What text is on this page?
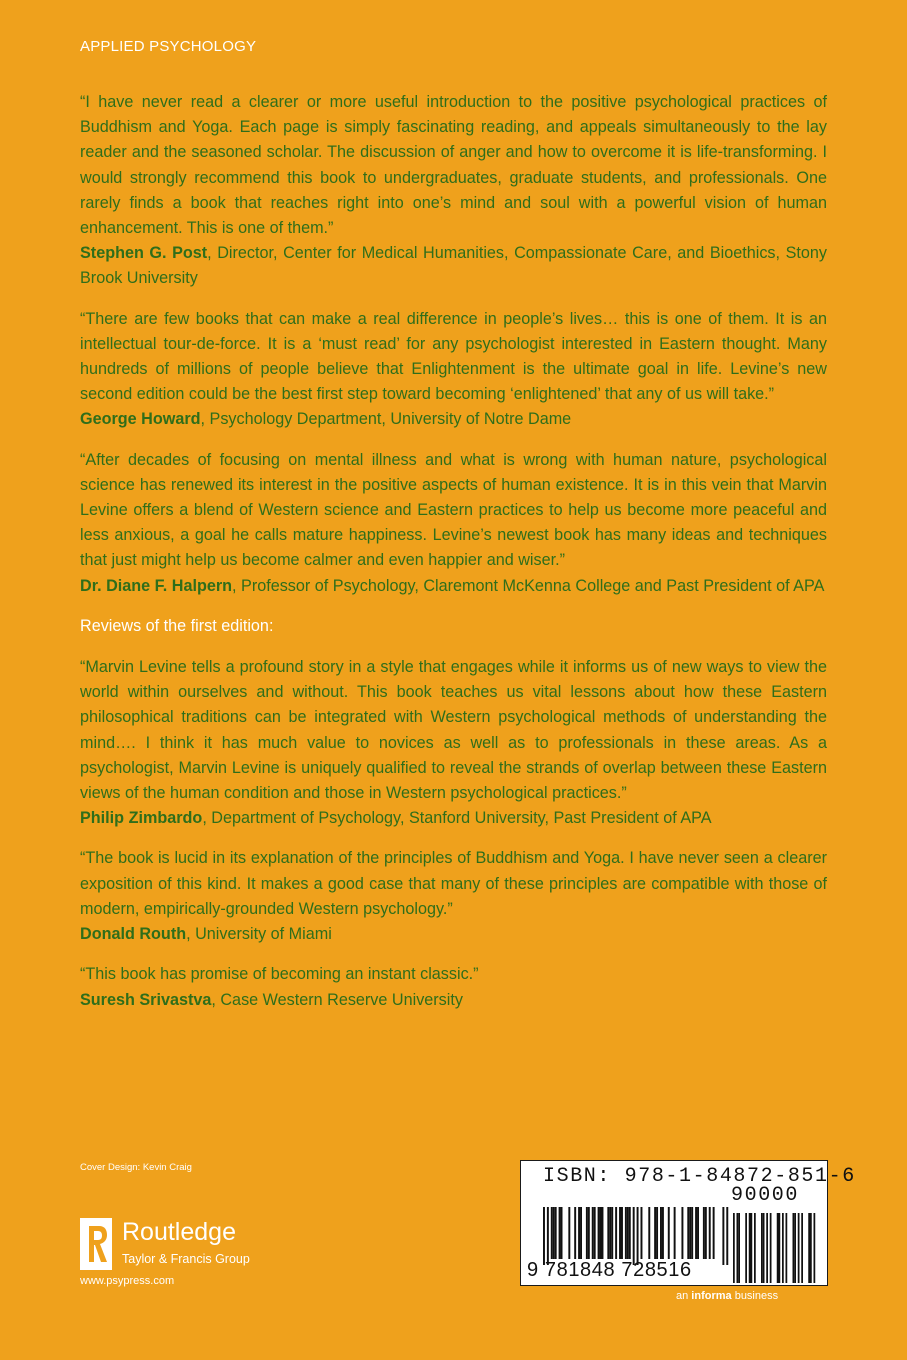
APPLIED PSYCHOLOGY

“I have never read a clearer or more useful introduction to the positive psychological practices of Buddhism and Yoga. Each page is simply fascinating reading, and appeals simultaneously to the lay reader and the seasoned scholar. The discussion of anger and how to overcome it is life-transforming. I would strongly recommend this book to undergraduates, graduate students, and professionals. One rarely finds a book that reaches right into one’s mind and soul with a powerful vision of human enhancement. This is one of them.”

Stephen G. Post, Director, Center for Medical Humanities, Compassionate Care, and Bioethics, Stony Brook University

“There are few books that can make a real difference in people’s lives… this is one of them. It is an intellectual tour-de-force. It is a ‘must read’ for any psychologist interested in Eastern thought. Many hundreds of millions of people believe that Enlightenment is the ultimate goal in life. Levine’s new second edition could be the best first step toward becoming ‘enlightened’ that any of us will take.”

George Howard, Psychology Department, University of Notre Dame

“After decades of focusing on mental illness and what is wrong with human nature, psychological science has renewed its interest in the positive aspects of human existence. It is in this vein that Marvin Levine offers a blend of Western science and Eastern practices to help us become more peaceful and less anxious, a goal he calls mature happiness. Levine’s newest book has many ideas and techniques that just might help us become calmer and even happier and wiser.”

Dr. Diane F. Halpern, Professor of Psychology, Claremont McKenna College and Past President of APA

Reviews of the first edition:

“Marvin Levine tells a profound story in a style that engages while it informs us of new ways to view the world within ourselves and without. This book teaches us vital lessons about how these Eastern philosophical traditions can be integrated with Western psychological methods of understanding the mind…. I think it has much value to novices as well as to professionals in these areas. As a psychologist, Marvin Levine is uniquely qualified to reveal the strands of overlap between these Eastern views of the human condition and those in Western psychological practices.”

Philip Zimbardo, Department of Psychology, Stanford University, Past President of APA

“The book is lucid in its explanation of the principles of Buddhism and Yoga. I have never seen a clearer exposition of this kind. It makes a good case that many of these principles are compatible with those of modern, empirically-grounded Western psychology.”

Donald Routh, University of Miami

“This book has promise of becoming an instant classic.”

Suresh Srivastva, Case Western Reserve University

Cover Design: Kevin Craig
Routledge
Taylor & Francis Group
www.psypress.com
ISBN: 978-1-84872-851-6
90000
9 781848 728516
an informa business
